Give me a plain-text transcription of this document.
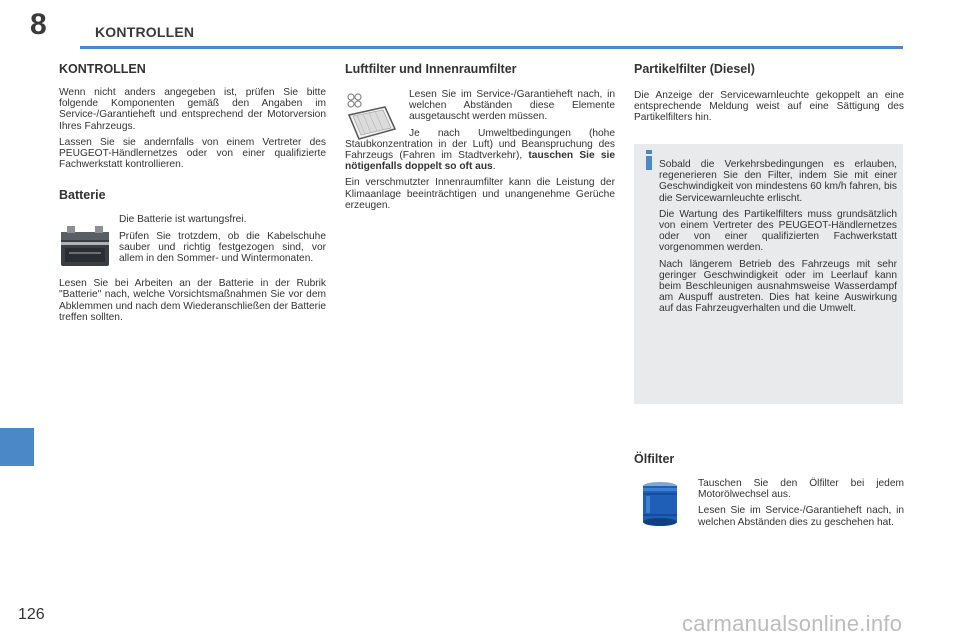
8	KONTROLLEN
KONTROLLEN

Wenn nicht anders angegeben ist, prüfen Sie bitte folgende Komponenten gemäß den Angaben im Service-/Garantieheft und entsprechend der Motorversion Ihres Fahrzeugs.

Lassen Sie sie andernfalls von einem Vertreter des PEUGEOT-Händlernetzes oder von einer qualifizierte Fachwerkstatt kontrollieren.

Batterie

Die Batterie ist wartungsfrei.

Prüfen Sie trotzdem, ob die Kabelschuhe sauber und richtig festgezogen sind, vor allem in den Sommer- und Wintermonaten.

Lesen Sie bei Arbeiten an der Batterie in der Rubrik "Batterie" nach, welche Vorsichtsmaßnahmen Sie vor dem Abklemmen und nach dem Wiederanschließen der Batterie treffen sollten.

Luftfilter und Innenraumfilter

Lesen Sie im Service-/Garantieheft nach, in welchen Abständen diese Elemente ausgetauscht werden müssen.

Je nach Umweltbedingungen (hohe Staubkonzentration in der Luft) und Beanspruchung des Fahrzeugs (Fahren im Stadtverkehr), tauschen Sie sie nötigenfalls doppelt so oft aus.

Ein verschmutzter Innenraumfilter kann die Leistung der Klimaanlage beeinträchtigen und unangenehme Gerüche erzeugen.

Partikelfilter (Diesel)

Die Anzeige der Servicewarnleuchte gekoppelt an eine entsprechende Meldung weist auf eine Sättigung des Partikelfilters hin.

Sobald die Verkehrsbedingungen es erlauben, regenerieren Sie den Filter, indem Sie mit einer Geschwindigkeit von mindestens 60 km/h fahren, bis die Servicewarnleuchte erlischt.

Die Wartung des Partikelfilters muss grundsätzlich von einem Vertreter des PEUGEOT-Händlernetzes oder von einer qualifizierten Fachwerkstatt vorgenommen werden.

Nach längerem Betrieb des Fahrzeugs mit sehr geringer Geschwindigkeit oder im Leerlauf kann beim Beschleunigen ausnahmsweise Wasserdampf am Auspuff austreten. Dies hat keine Auswirkung auf das Fahrzeugverhalten und die Umwelt.

Ölfilter

Tauschen Sie den Ölfilter bei jedem Motorölwechsel aus.

Lesen Sie im Service-/Garantieheft nach, in welchen Abständen dies zu geschehen hat.

126	carmanualsonline.info
